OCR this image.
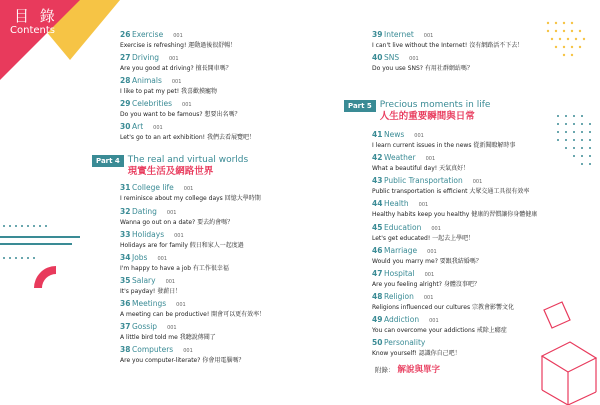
目 錄
Contents	26 Exercise 001
Exercise is refreshing! 運動過後很舒暢！
27 Driving 001
Are you good at driving? 擅長開車嗎？
28 Animals 001
I like to pat my pet! 我喜歡摸寵物
29 Celebrities 001
Do you want to be famous? 想要出名嗎？
30 Art 001
Let's go to an art exhibition! 我們去看展覽吧！
Part 4 The real and virtual worlds
現實生活及網路世界
31 College life 001
I reminisce about my college days 回憶大學時期
32 Dating 001
Wanna go out on a date? 要去約會嗎？
33 Holidays 001
Holidays are for family 假日和家人一起度過
34 Jobs 001
I'm happy to have a job 有工作很幸福
35 Salary 001
It's payday! 發薪日！
36 Meetings 001
A meeting can be productive! 開會可以更有效率！
37 Gossip 001
A little bird told me 我聽說傳聞了
38 Computers 001
Are you computer-literate? 你會用電腦嗎？
39 Internet 001
I can't live without the Internet! 沒有網路活不下去！
40 SNS 001
Do you use SNS? 有用社群網站嗎？
Part 5 Precious moments in life
人生的重要瞬間與日常
41 News 001
I learn current issues in the news 從新聞瞭解時事
42 Weather 001
What a beautiful day! 天氣真好！
43 Public Transportation 001
Public transportation is efficient 大眾交通工具很有效率
44 Health 001
Healthy habits keep you healthy 健康的習慣讓你身體健康
45 Education 001
Let's get educated! 一起去上學吧！
46 Marriage 001
Would you marry me? 要跟我結婚嗎？
47 Hospital 001
Are you feeling alright? 身體沒事吧？
48 Religion 001
Religions influenced our cultures 宗教會影響文化
49 Addiction 001
You can overcome your addictions 戒除上癮症
50 Personality
Know yourself! 認識你自己吧！
附錄： 解說與單字
